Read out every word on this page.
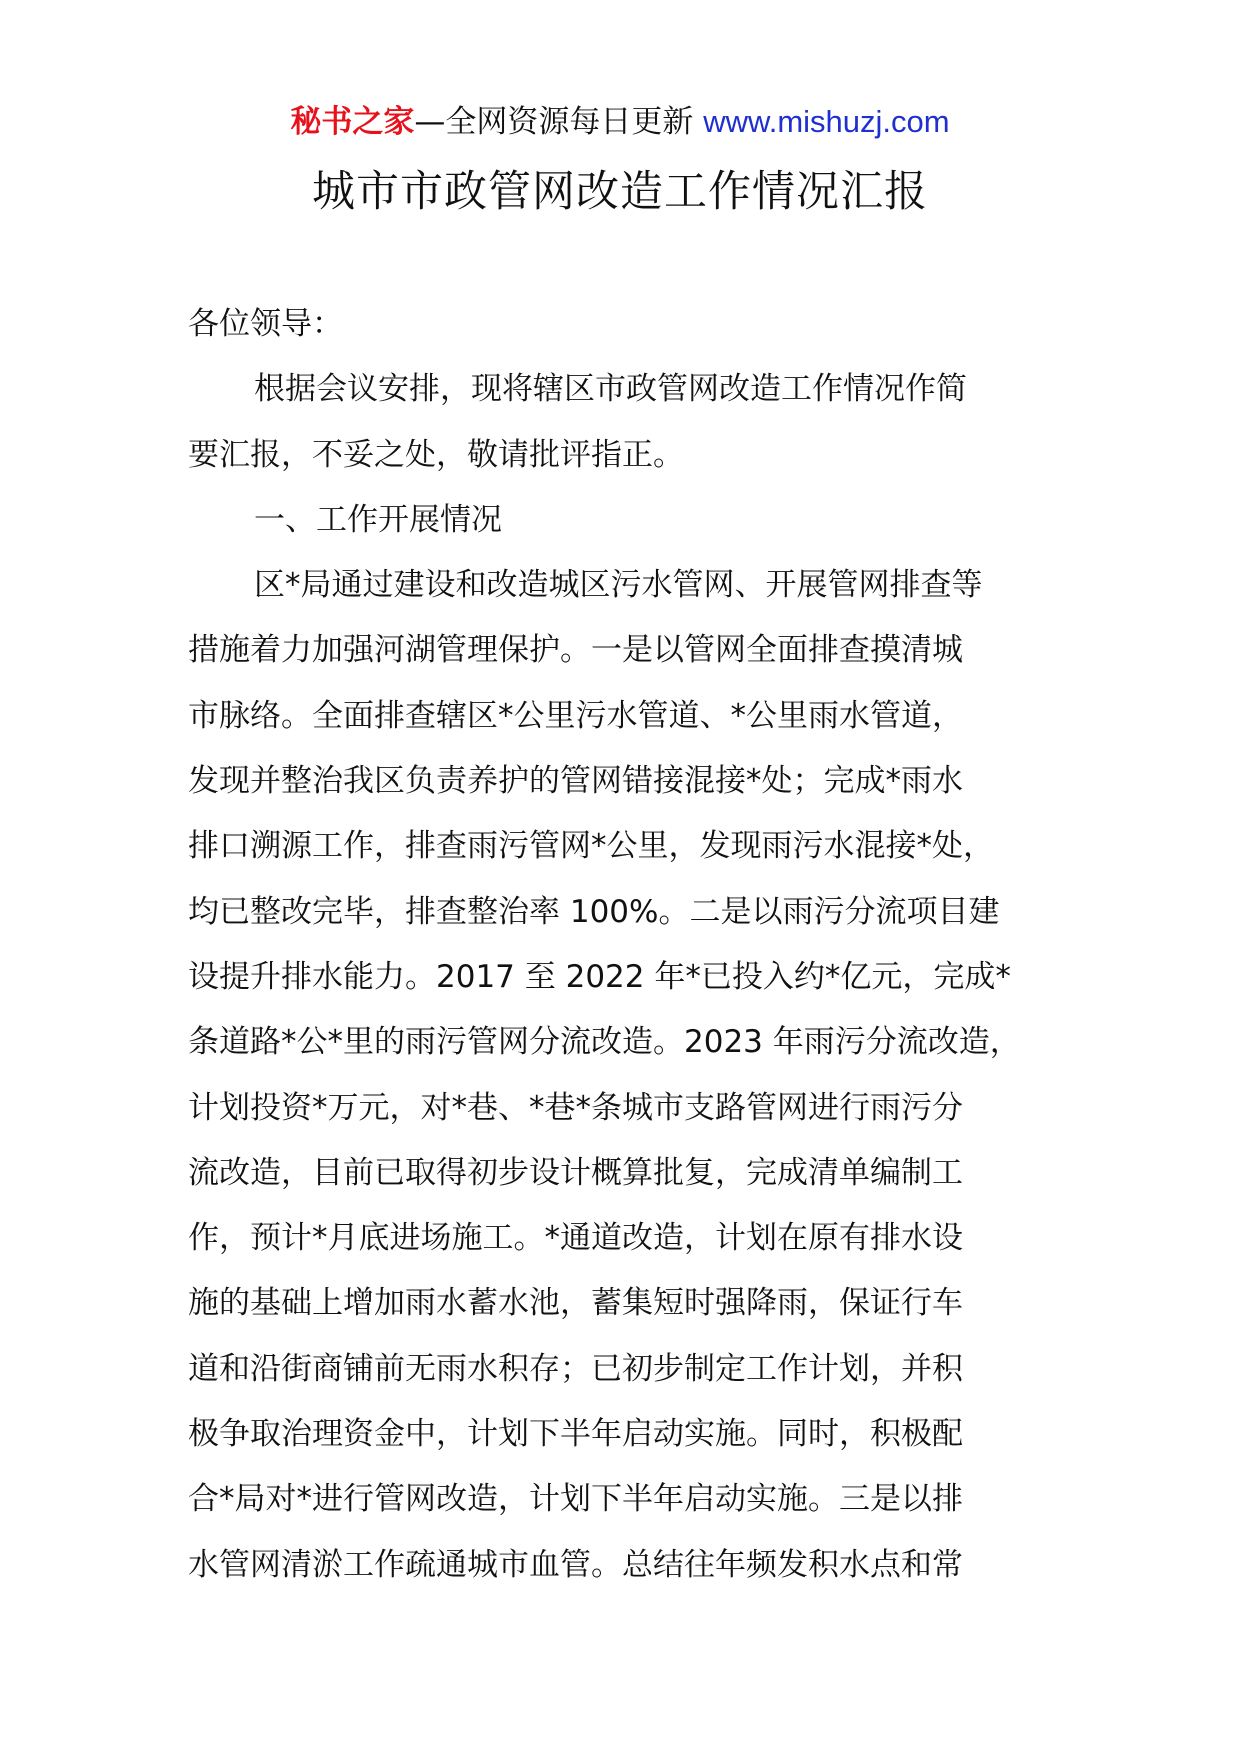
秘书之家—全网资源每日更新 www.mishuzj.com
城市市政管网改造工作情况汇报
各位领导：
根据会议安排，现将辖区市政管网改造工作情况作简
要汇报，不妥之处，敬请批评指正。
一、工作开展情况
区*局通过建设和改造城区污水管网、开展管网排查等
措施着力加强河湖管理保护。一是以管网全面排查摸清城
市脉络。全面排查辖区*公里污水管道、*公里雨水管道，
发现并整治我区负责养护的管网错接混接*处；完成*雨水
排口溯源工作，排查雨污管网*公里，发现雨污水混接*处，
均已整改完毕，排查整治率 100%。二是以雨污分流项目建
设提升排水能力。2017 至 2022 年*已投入约*亿元，完成*
条道路*公*里的雨污管网分流改造。2023 年雨污分流改造，
计划投资*万元，对*巷、*巷*条城市支路管网进行雨污分
流改造，目前已取得初步设计概算批复，完成清单编制工
作，预计*月底进场施工。*通道改造，计划在原有排水设
施的基础上增加雨水蓄水池，蓄集短时强降雨，保证行车
道和沿街商铺前无雨水积存；已初步制定工作计划，并积
极争取治理资金中，计划下半年启动实施。同时，积极配
合*局对*进行管网改造，计划下半年启动实施。三是以排
水管网清淤工作疏通城市血管。总结往年频发积水点和常
